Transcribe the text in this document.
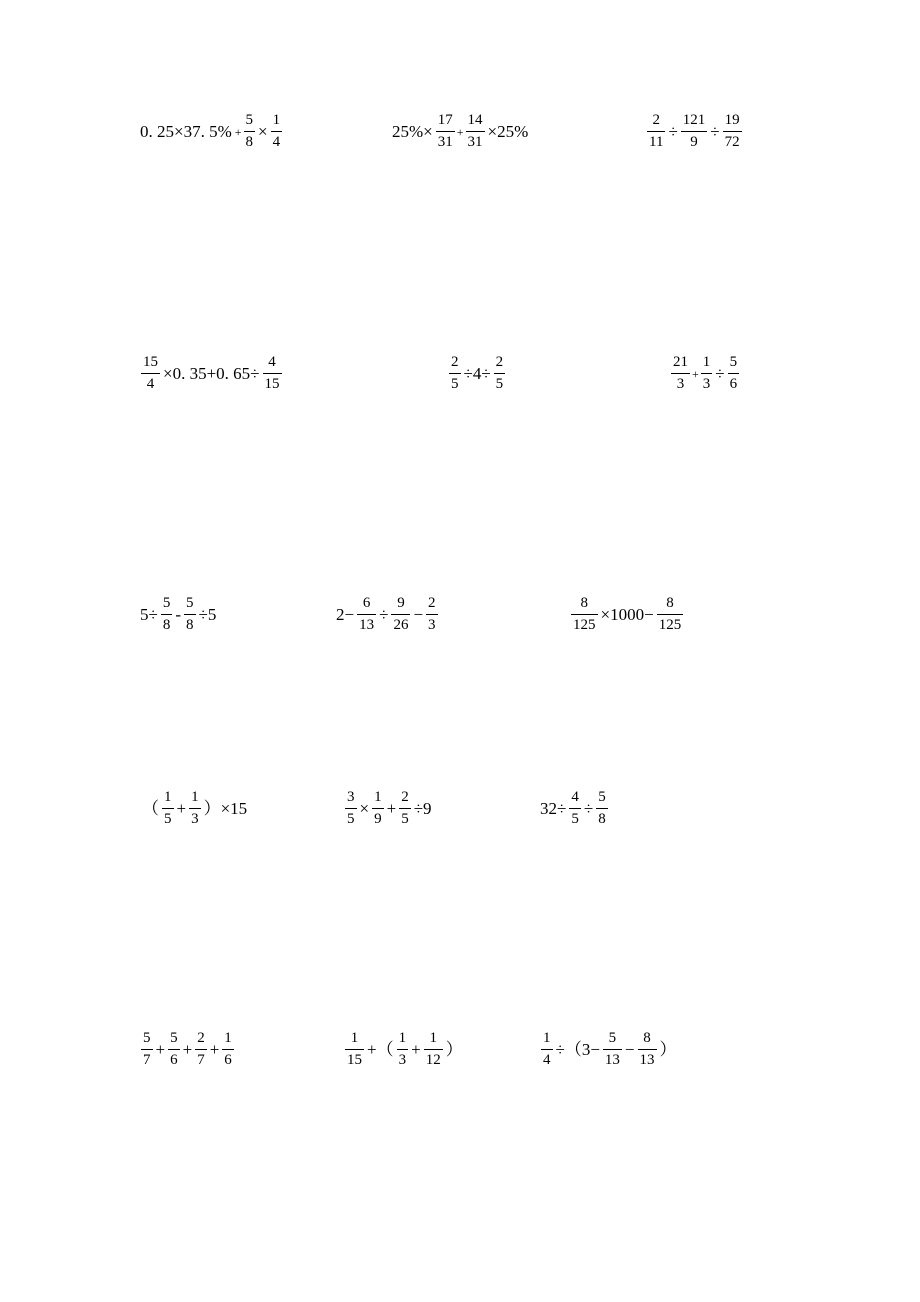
0. 25×37. $5\% + \frac{5}{8} \times \frac{1}{4}$	$25\%\times \frac{17}{31} + \frac{14}{31} \times 25\%$	$\frac{2}{11} \div \frac{121}{9} \div \frac{19}{72}$
$\frac{15}{4} \times 0$. 35+0. $65\div \frac{4}{15}$	$\frac{2}{5} \div 4\div \frac{2}{5}$	$\frac{21}{3} + \frac{1}{3} \div \frac{5}{6}$
$5\div \frac{5}{8} - \frac{5}{8} \div 5$	$2- \frac{6}{13} \div \frac{9}{26} - \frac{2}{3}$	$\frac{8}{125} \times 1000- \frac{8}{125}$
（ $\frac{1}{5} + \frac{1}{3} )\times 15$	$\frac{3}{5} \times \frac{1}{9} + \frac{2}{5} \div 9$	$32\div \frac{4}{5} \div \frac{5}{8}$
$\frac{5}{7} + \frac{5}{6} + \frac{2}{7} + \frac{1}{6}$	$\frac{1}{15}$ +（ $\frac{1}{3} + \frac{1}{12}$ ）	$\frac{1}{4} \div(3- \frac{5}{13} - \frac{8}{13}$ ）
